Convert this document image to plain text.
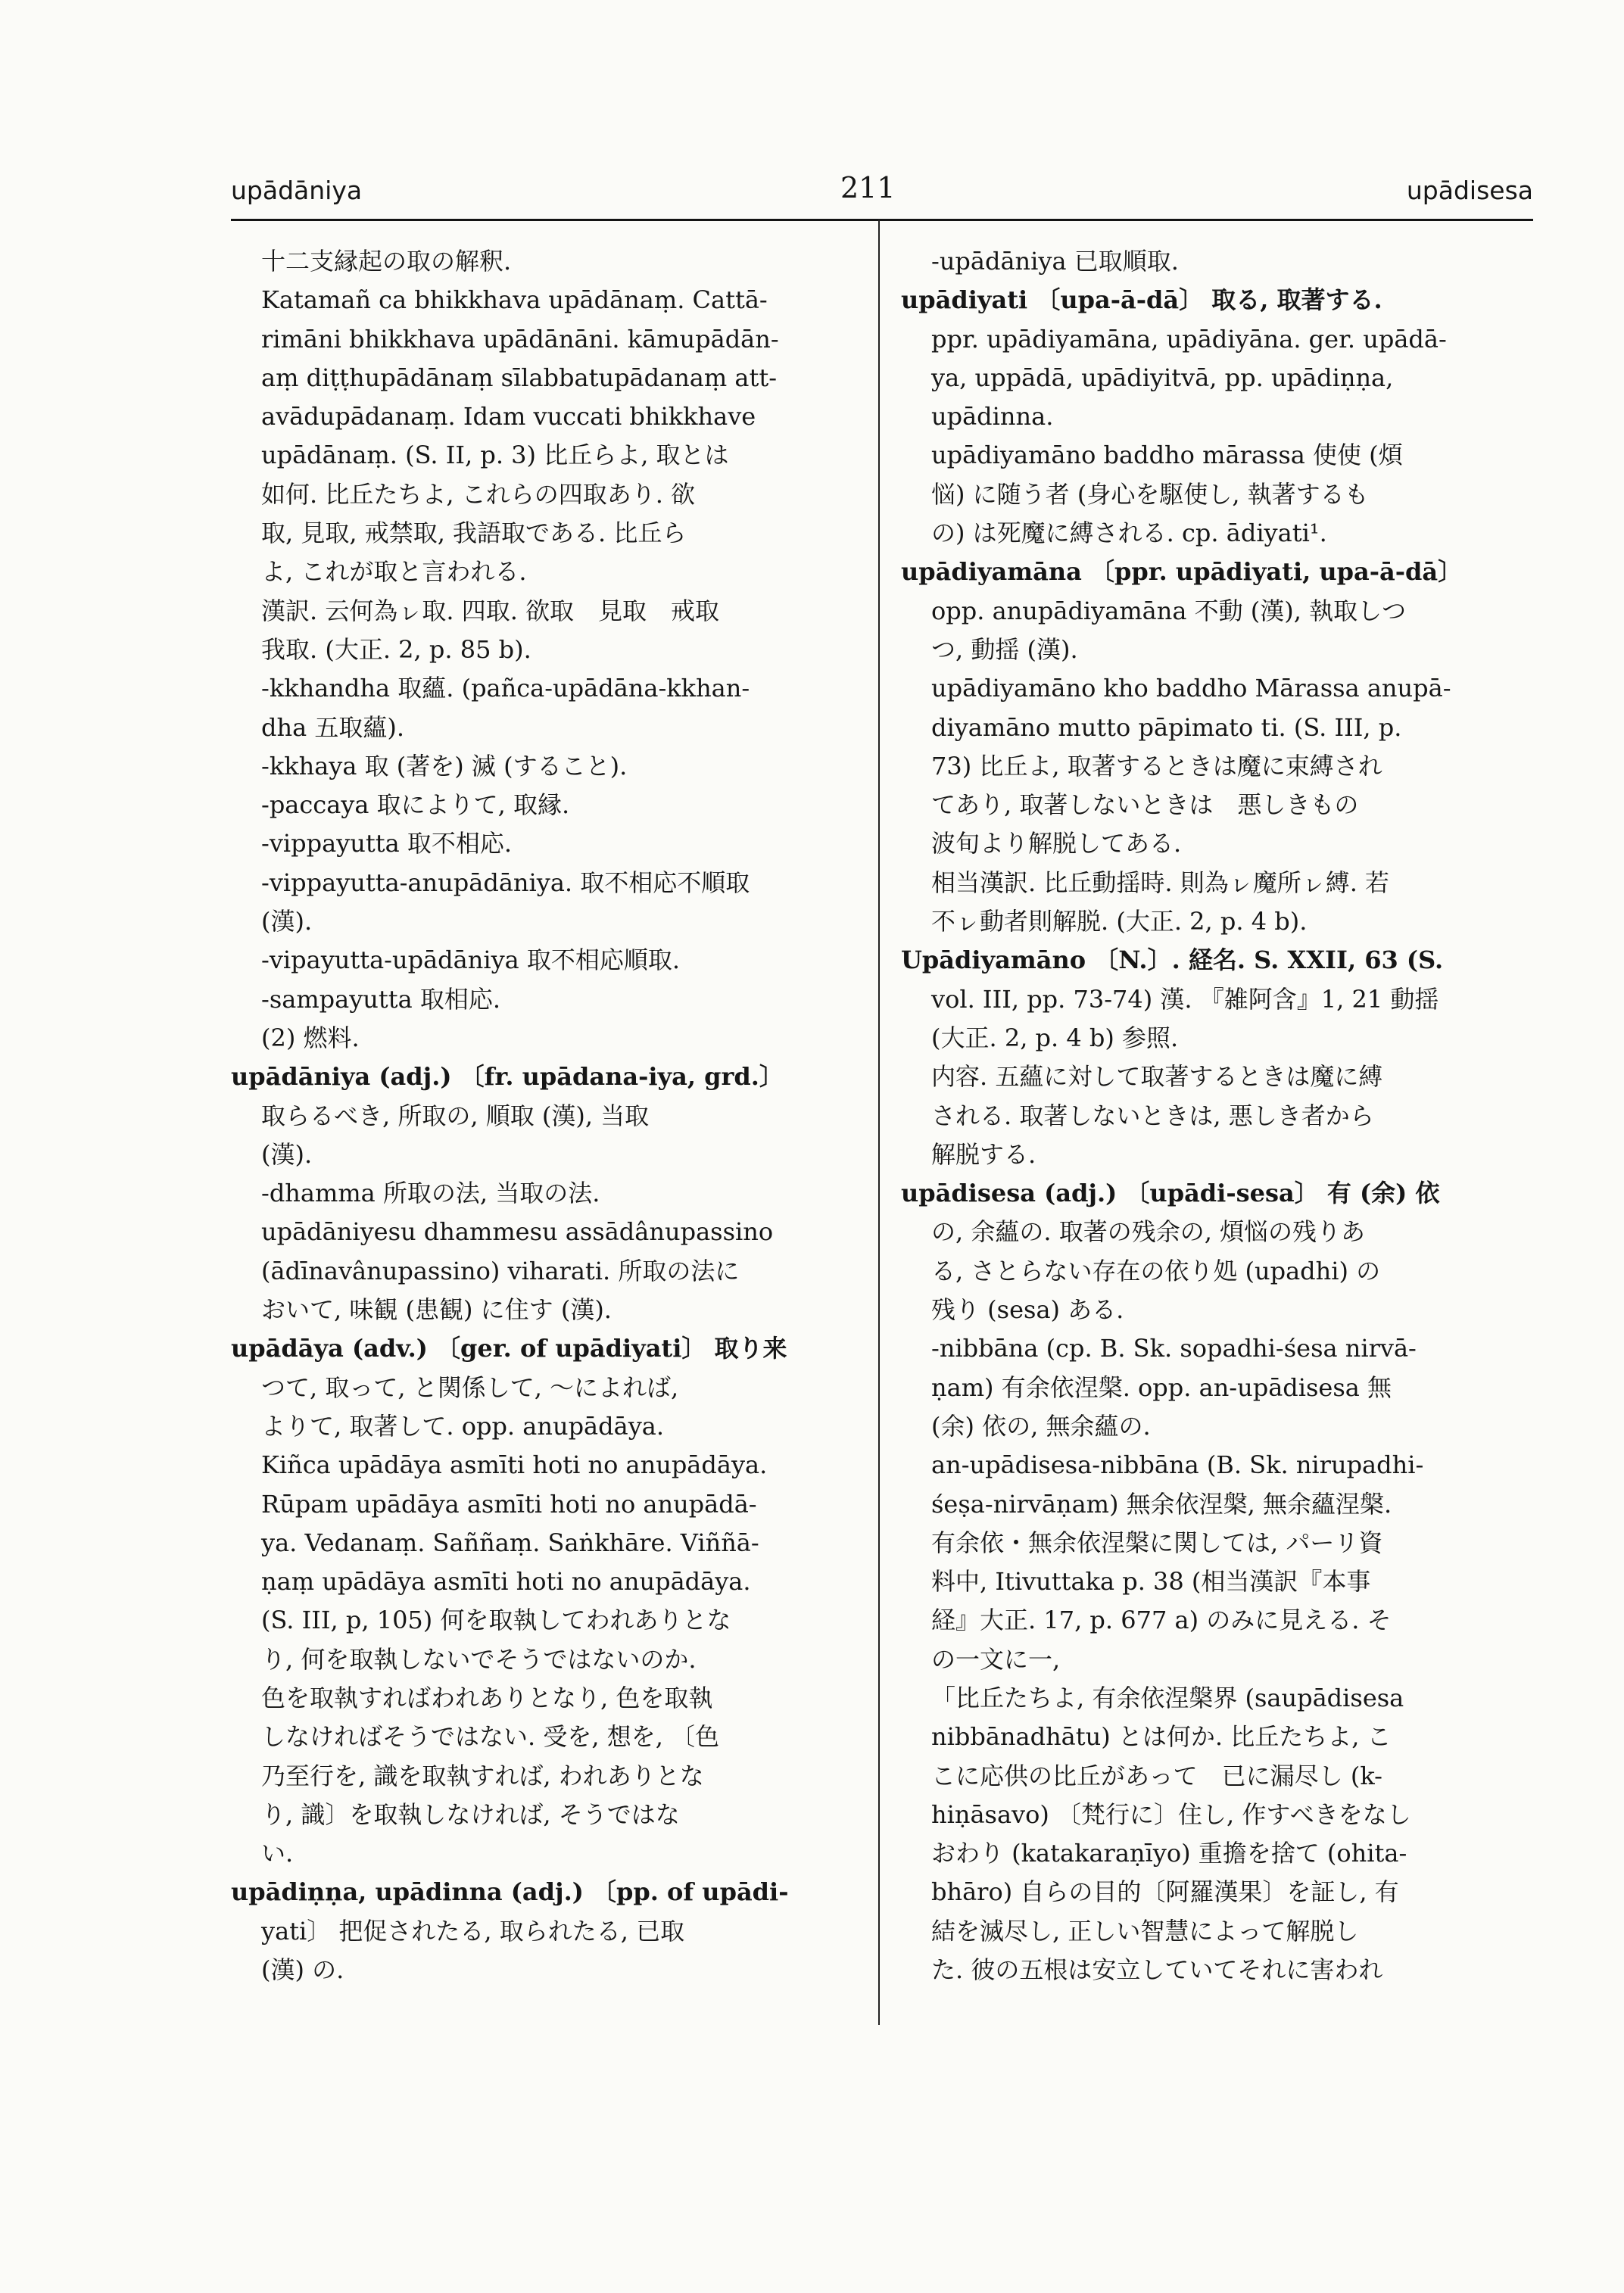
upādāniya	211	upādisesa
十二支縁起の取の解釈.
Katamañ ca bhikkhava upādānaṃ. Cattā-
rimāni bhikkhava upādānāni. kāmupādān-
aṃ diṭṭhupādānaṃ sīlabbatupādanaṃ att-
avādupādanaṃ. Idam vuccati bhikkhave
upādānaṃ. (S. II, p. 3) 比丘らよ, 取とは
如何. 比丘たちよ, これらの四取あり. 欲
取, 見取, 戒禁取, 我語取である. 比丘ら
よ, これが取と言われる.
漢訳. 云何為ㇾ取. 四取. 欲取　見取　戒取
我取. (大正. 2, p. 85 b).
-kkhandha 取蘊. (pañca-upādāna-kkhan-
dha 五取蘊).
-kkhaya 取 (著を) 滅 (すること).
-paccaya 取によりて, 取縁.
-vippayutta 取不相応.
-vippayutta-anupādāniya. 取不相応不順取
(漢).
-vipayutta-upādāniya 取不相応順取.
-sampayutta 取相応.
(2) 燃料.
upādāniya (adj.) 〔fr. upādana-iya, grd.〕
取らるべき, 所取の, 順取 (漢), 当取
(漢).
-dhamma 所取の法, 当取の法.
upādāniyesu dhammesu assādânupassino
(ādīnavânupassino) viharati. 所取の法に
おいて, 味観 (患観) に住す (漢).
upādāya (adv.) 〔ger. of upādiyati〕 取り来
つて, 取って, と関係して, ～によれば,
よりて, 取著して. opp. anupādāya.
Kiñca upādāya asmīti hoti no anupādāya.
Rūpam upādāya asmīti hoti no anupādā-
ya. Vedanaṃ. Saññaṃ. Saṅkhāre. Viññā-
ṇaṃ upādāya asmīti hoti no anupādāya.
(S. III, p, 105) 何を取執してわれありとな
り, 何を取執しないでそうではないのか.
色を取執すればわれありとなり, 色を取執
しなければそうではない. 受を, 想を, 〔色
乃至行を, 識を取執すれば, われありとな
り, 識〕を取執しなければ, そうではな
い.
upādiṇṇa, upādinna (adj.) 〔pp. of upādi-
yati〕 把促されたる, 取られたる, 已取
(漢) の.
-upādāniya 已取順取.
upādiyati 〔upa-ā-dā〕 取る, 取著する.
ppr. upādiyamāna, upādiyāna. ger. upādā-
ya, uppādā, upādiyitvā, pp. upādiṇṇa,
upādinna.
upādiyamāno baddho mārassa 使使 (煩
悩) に随う者 (身心を駆使し, 執著するも
の) は死魔に縛される. cp. ādiyati¹.
upādiyamāna 〔ppr. upādiyati, upa-ā-dā〕
opp. anupādiyamāna 不動 (漢), 執取しつ
つ, 動揺 (漢).
upādiyamāno kho baddho Mārassa anupā-
diyamāno mutto pāpimato ti. (S. III, p.
73) 比丘よ, 取著するときは魔に束縛され
てあり, 取著しないときは　悪しきもの
波旬より解脱してある.
相当漢訳. 比丘動揺時. 則為ㇾ魔所ㇾ縛. 若
不ㇾ動者則解脱. (大正. 2, p. 4 b).
Upādiyamāno 〔N.〕. 経名. S. XXII, 63 (S.
vol. III, pp. 73-74) 漢. 『雑阿含』1, 21 動揺
(大正. 2, p. 4 b) 参照.
内容. 五蘊に対して取著するときは魔に縛
される. 取著しないときは, 悪しき者から
解脱する.
upādisesa (adj.) 〔upādi-sesa〕 有 (余) 依
の, 余蘊の. 取著の残余の, 煩悩の残りあ
る, さとらない存在の依り処 (upadhi) の
残り (sesa) ある.
-nibbāna (cp. B. Sk. sopadhi-śesa nirvā-
ṇam) 有余依涅槃. opp. an-upādisesa 無
(余) 依の, 無余蘊の.
an-upādisesa-nibbāna (B. Sk. nirupadhi-
śeṣa-nirvāṇam) 無余依涅槃, 無余蘊涅槃.
有余依・無余依涅槃に関しては, パーリ資
料中, Itivuttaka p. 38 (相当漢訳『本事
経』大正. 17, p. 677 a) のみに見える. そ
の一文に一,
「比丘たちよ, 有余依涅槃界 (saupādisesa
nibbānadhātu) とは何か. 比丘たちよ, こ
こに応供の比丘があって　已に漏尽し (k-
hiṇāsavo) 〔梵行に〕住し, 作すべきをなし
おわり (katakaraṇīyo) 重擔を捨て (ohita-
bhāro) 自らの目的〔阿羅漢果〕を証し, 有
結を滅尽し, 正しい智慧によって解脱し
た. 彼の五根は安立していてそれに害われ
